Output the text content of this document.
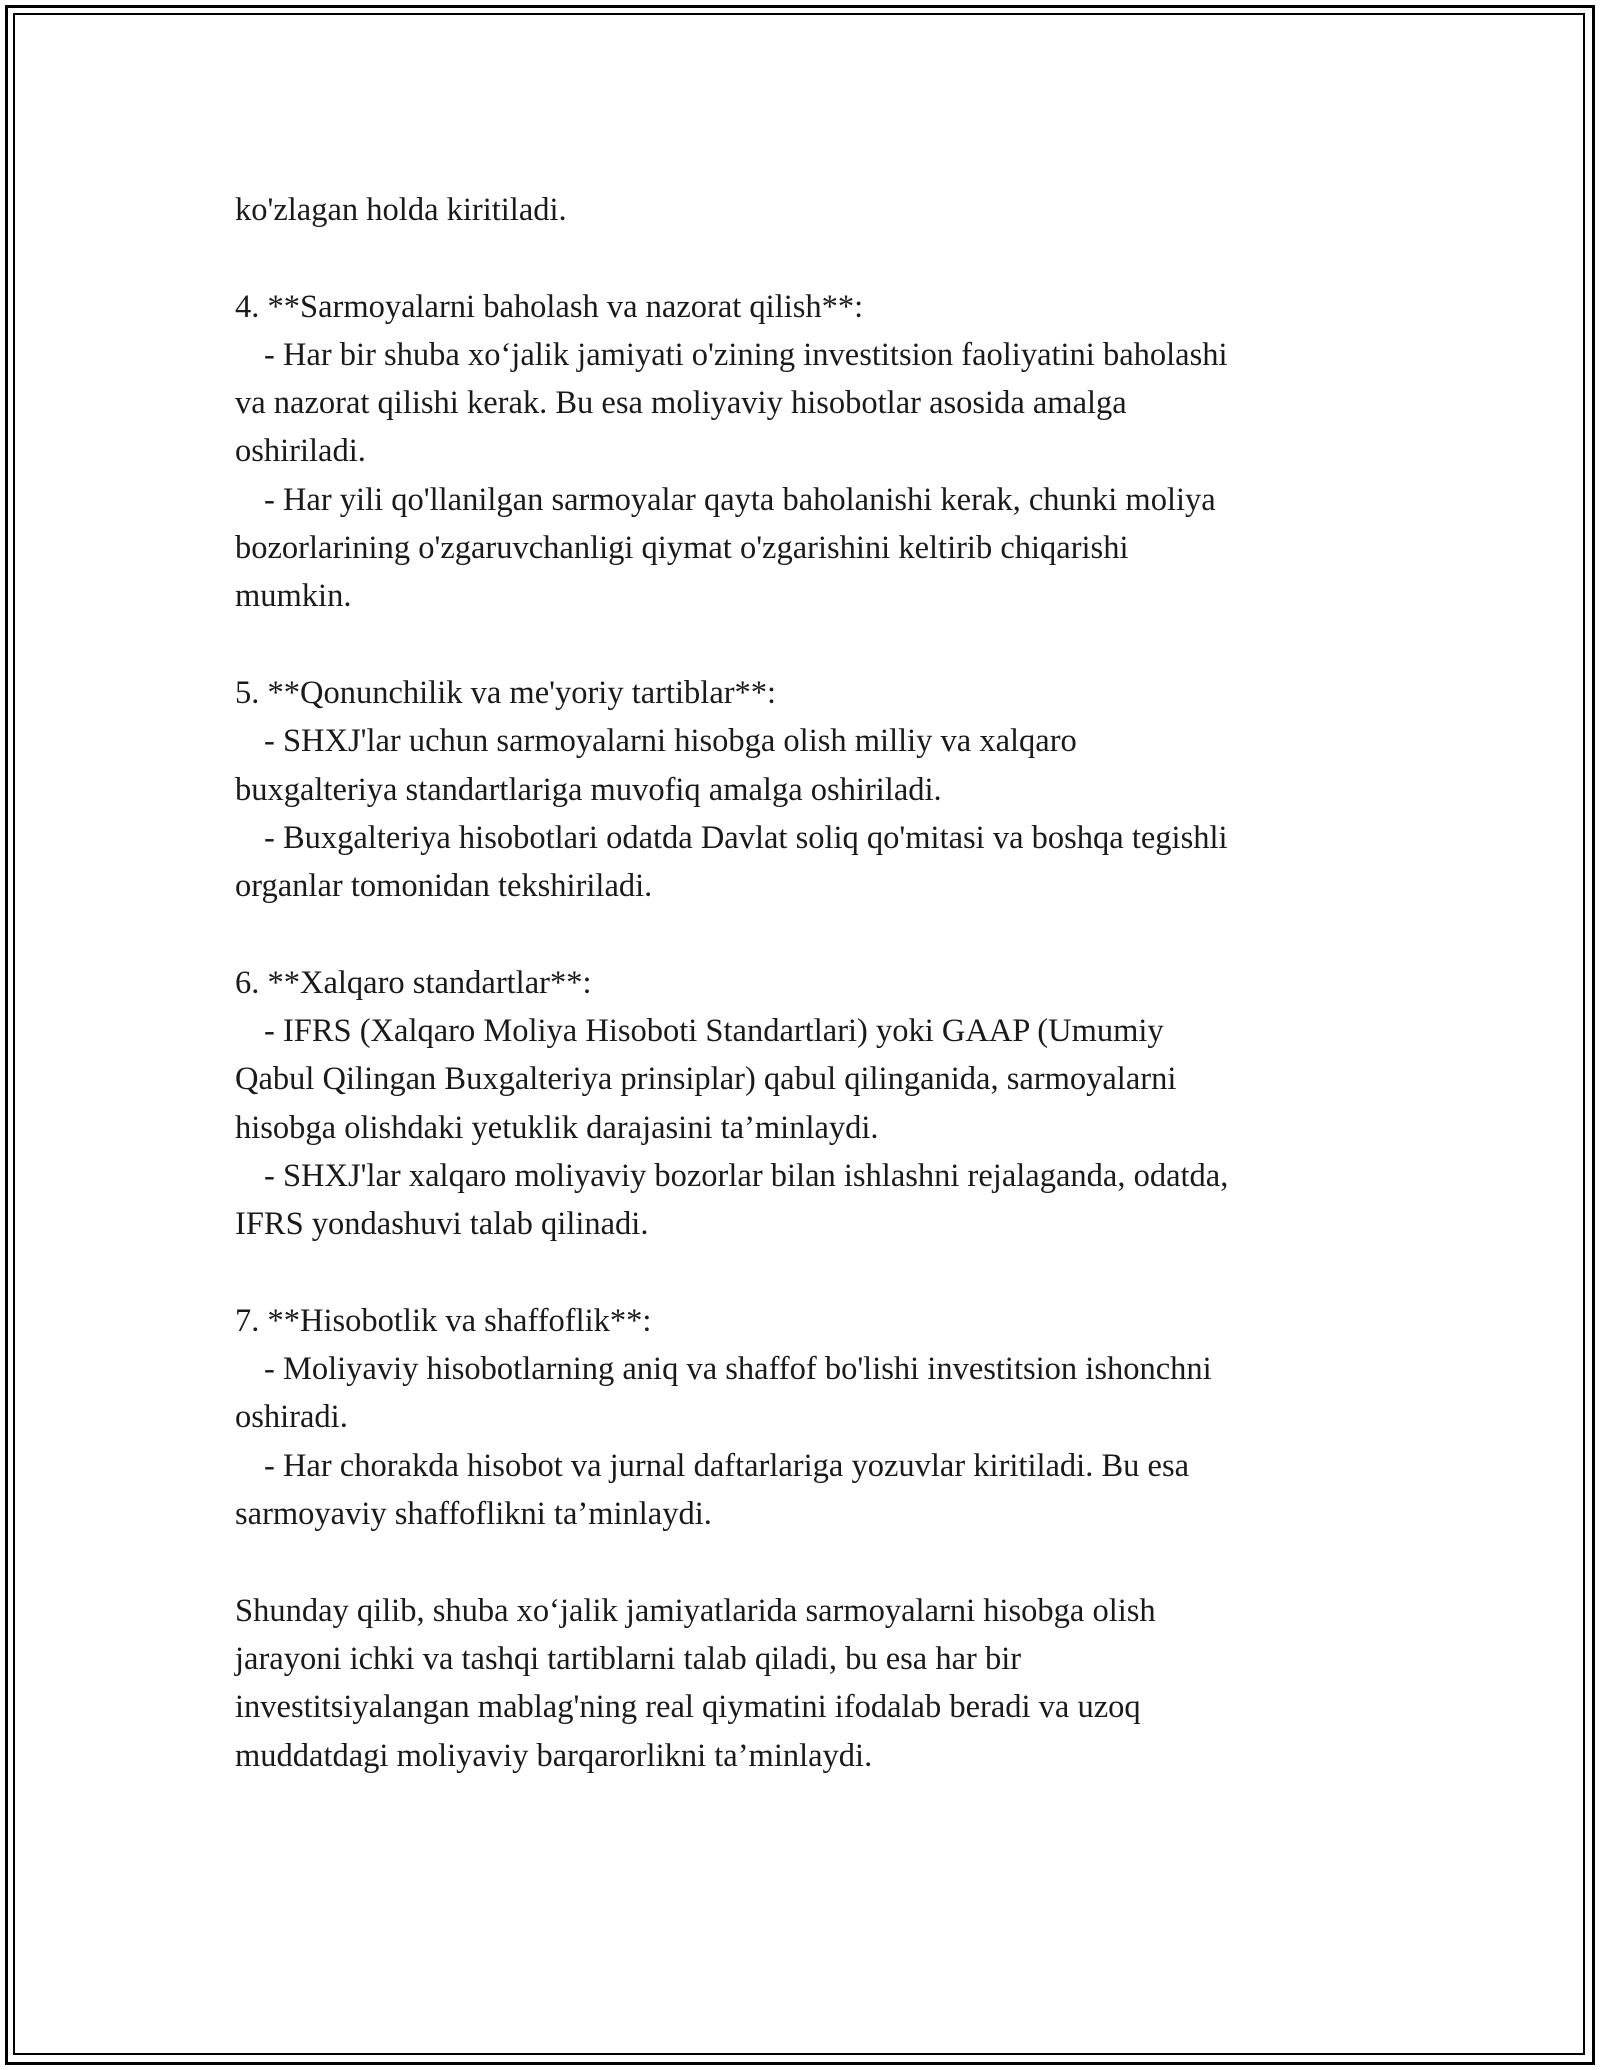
ko'zlagan holda kiritiladi.
4. **Sarmoyalarni baholash va nazorat qilish**:
- Har bir shuba xo‘jalik jamiyati o'zining investitsion faoliyatini baholashi
va nazorat qilishi kerak. Bu esa moliyaviy hisobotlar asosida amalga
oshiriladi.
- Har yili qo'llanilgan sarmoyalar qayta baholanishi kerak, chunki moliya
bozorlarining o'zgaruvchanligi qiymat o'zgarishini keltirib chiqarishi
mumkin.
5. **Qonunchilik va me'yoriy tartiblar**:
- SHXJ'lar uchun sarmoyalarni hisobga olish milliy va xalqaro
buxgalteriya standartlariga muvofiq amalga oshiriladi.
- Buxgalteriya hisobotlari odatda Davlat soliq qo'mitasi va boshqa tegishli
organlar tomonidan tekshiriladi.
6. **Xalqaro standartlar**:
- IFRS (Xalqaro Moliya Hisoboti Standartlari) yoki GAAP (Umumiy
Qabul Qilingan Buxgalteriya prinsiplar) qabul qilinganida, sarmoyalarni
hisobga olishdaki yetuklik darajasini ta’minlaydi.
- SHXJ'lar xalqaro moliyaviy bozorlar bilan ishlashni rejalaganda, odatda,
IFRS yondashuvi talab qilinadi.
7. **Hisobotlik va shaffoflik**:
- Moliyaviy hisobotlarning aniq va shaffof bo'lishi investitsion ishonchni
oshiradi.
- Har chorakda hisobot va jurnal daftarlariga yozuvlar kiritiladi. Bu esa
sarmoyaviy shaffoflikni ta’minlaydi.
Shunday qilib, shuba xo‘jalik jamiyatlarida sarmoyalarni hisobga olish
jarayoni ichki va tashqi tartiblarni talab qiladi, bu esa har bir
investitsiyalangan mablag'ning real qiymatini ifodalab beradi va uzoq
muddatdagi moliyaviy barqarorlikni ta’minlaydi.
